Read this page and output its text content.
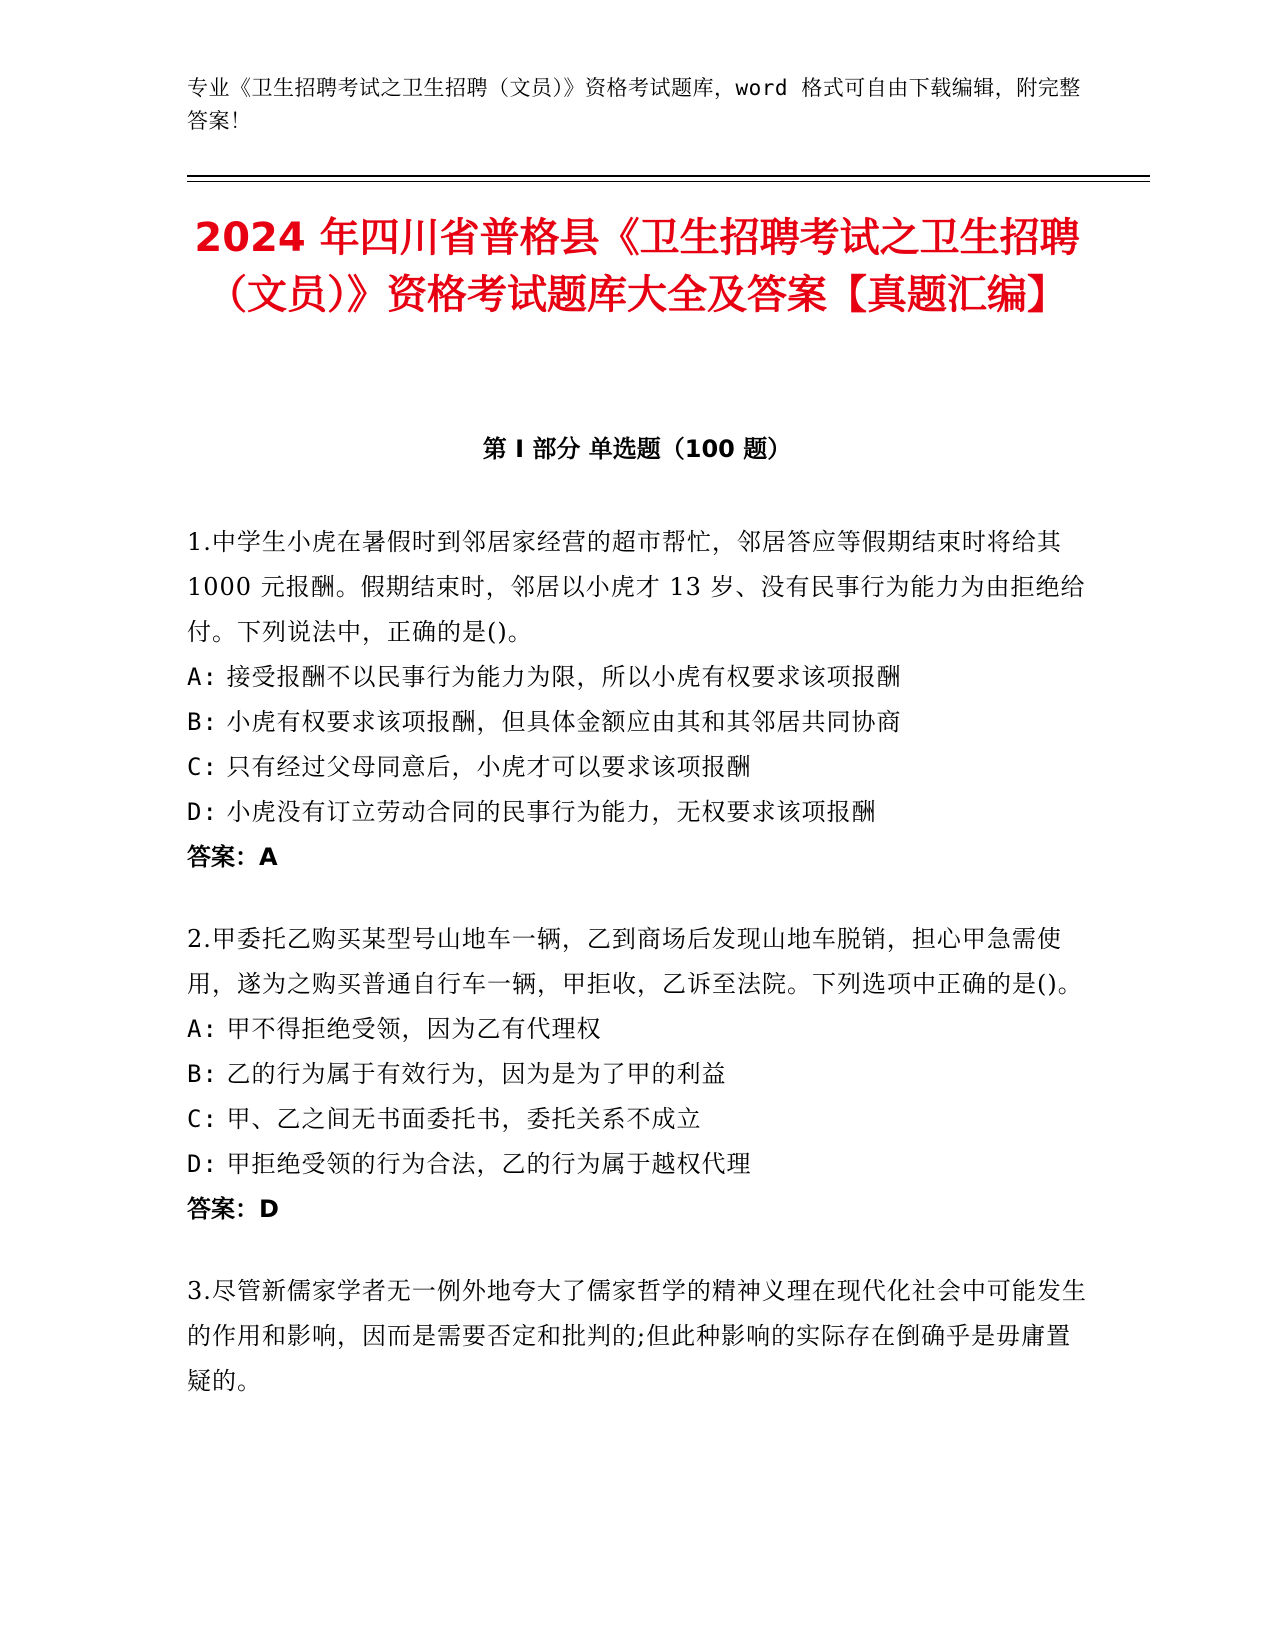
专业《卫生招聘考试之卫生招聘（文员）》资格考试题库，word 格式可自由下载编辑，附完整答案！

2024 年四川省普格县《卫生招聘考试之卫生招聘（文员）》资格考试题库大全及答案【真题汇编】
第 I 部分 单选题（100 题）

1.中学生小虎在暑假时到邻居家经营的超市帮忙，邻居答应等假期结束时将给其 1000 元报酬。假期结束时，邻居以小虎才 13 岁、没有民事行为能力为由拒绝给付。下列说法中，正确的是()。

A: 接受报酬不以民事行为能力为限，所以小虎有权要求该项报酬

B: 小虎有权要求该项报酬，但具体金额应由其和其邻居共同协商

C: 只有经过父母同意后，小虎才可以要求该项报酬

D: 小虎没有订立劳动合同的民事行为能力，无权要求该项报酬

答案：A

2.甲委托乙购买某型号山地车一辆，乙到商场后发现山地车脱销，担心甲急需使用，遂为之购买普通自行车一辆，甲拒收，乙诉至法院。下列选项中正确的是()。

A: 甲不得拒绝受领，因为乙有代理权

B: 乙的行为属于有效行为，因为是为了甲的利益

C: 甲、乙之间无书面委托书，委托关系不成立

D: 甲拒绝受领的行为合法，乙的行为属于越权代理

答案：D

3.尽管新儒家学者无一例外地夸大了儒家哲学的精神义理在现代化社会中可能发生的作用和影响，因而是需要否定和批判的;但此种影响的实际存在倒确乎是毋庸置疑的。
